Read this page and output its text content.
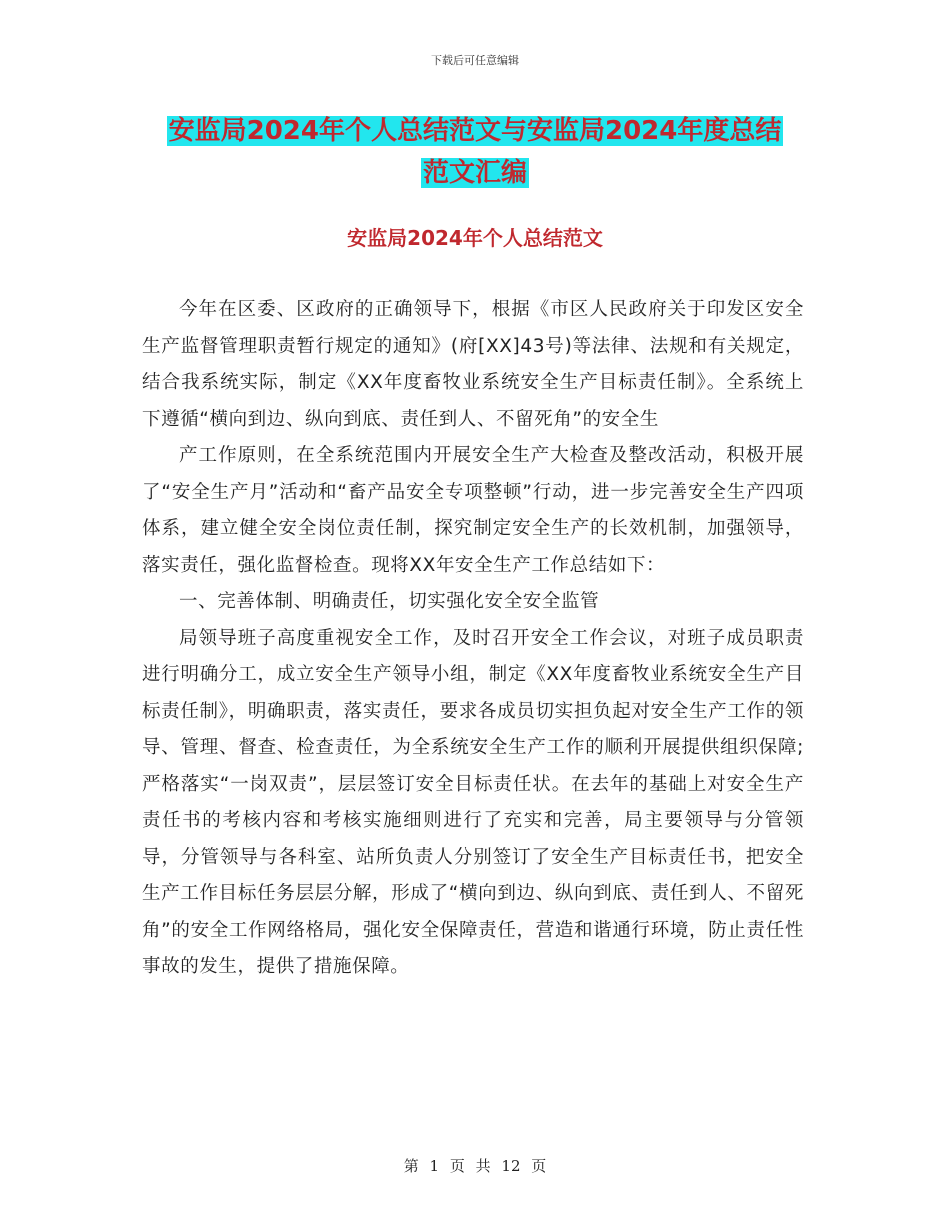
下载后可任意编辑
安监局2024年个人总结范文与安监局2024年度总结
范文汇编
安监局2024年个人总结范文

今年在区委、区政府的正确领导下，根据《市区人民政府关于印发区安全生产监督管理职责暂行规定的通知》(府[XX]43号)等法律、法规和有关规定，结合我系统实际，制定《XX年度畜牧业系统安全生产目标责任制》。全系统上下遵循“横向到边、纵向到底、责任到人、不留死角”的安全生

产工作原则，在全系统范围内开展安全生产大检查及整改活动，积极开展了“安全生产月”活动和“畜产品安全专项整顿”行动，进一步完善安全生产四项体系，建立健全安全岗位责任制，探究制定安全生产的长效机制，加强领导，落实责任，强化监督检查。现将XX年安全生产工作总结如下：

一、完善体制、明确责任，切实强化安全安全监管

局领导班子高度重视安全工作，及时召开安全工作会议，对班子成员职责进行明确分工，成立安全生产领导小组，制定《XX年度畜牧业系统安全生产目标责任制》，明确职责，落实责任，要求各成员切实担负起对安全生产工作的领导、管理、督查、检查责任，为全系统安全生产工作的顺利开展提供组织保障;严格落实“一岗双责”，层层签订安全目标责任状。在去年的基础上对安全生产责任书的考核内容和考核实施细则进行了充实和完善，局主要领导与分管领导，分管领导与各科室、站所负责人分别签订了安全生产目标责任书，把安全生产工作目标任务层层分解，形成了“横向到边、纵向到底、责任到人、不留死角”的安全工作网络格局，强化安全保障责任，营造和谐通行环境，防止责任性事故的发生，提供了措施保障。

第 1 页 共 12 页
